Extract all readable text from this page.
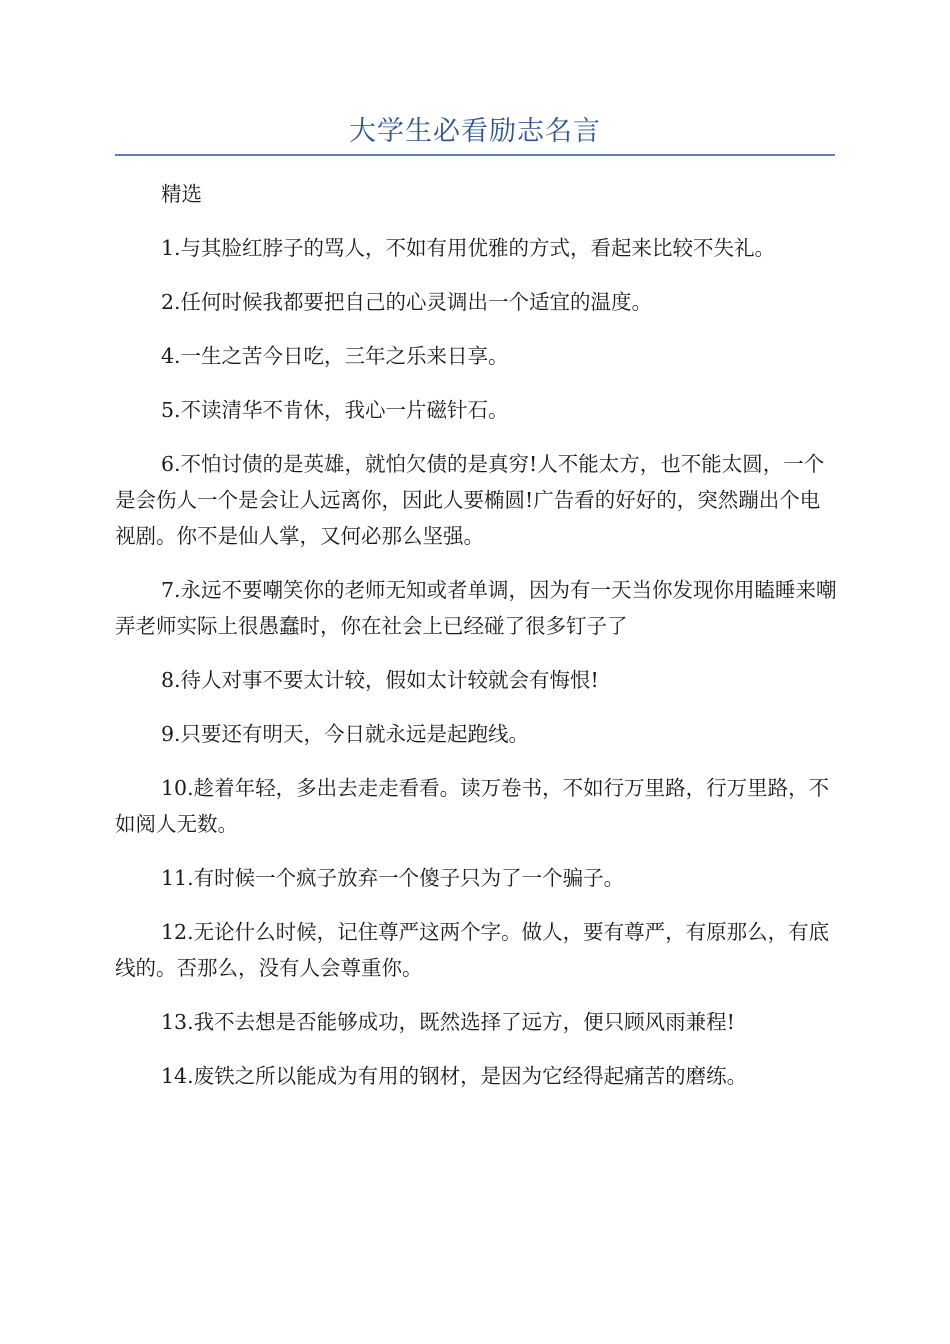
大学生必看励志名言

精选

1.与其脸红脖子的骂人，不如有用优雅的方式，看起来比较不失礼。

2.任何时候我都要把自己的心灵调出一个适宜的温度。

4.一生之苦今日吃，三年之乐来日享。

5.不读清华不肯休，我心一片磁针石。

6.不怕讨债的是英雄，就怕欠债的是真穷!人不能太方，也不能太圆，一个是会伤人一个是会让人远离你，因此人要椭圆!广告看的好好的，突然蹦出个电视剧。你不是仙人掌，又何必那么坚强。

7.永远不要嘲笑你的老师无知或者单调，因为有一天当你发现你用瞌睡来嘲弄老师实际上很愚蠢时，你在社会上已经碰了很多钉子了

8.待人对事不要太计较，假如太计较就会有悔恨!

9.只要还有明天，今日就永远是起跑线。

10.趁着年轻，多出去走走看看。读万卷书，不如行万里路，行万里路，不如阅人无数。

11.有时候一个疯子放弃一个傻子只为了一个骗子。

12.无论什么时候，记住尊严这两个字。做人，要有尊严，有原那么，有底线的。否那么，没有人会尊重你。

13.我不去想是否能够成功，既然选择了远方，便只顾风雨兼程!

14.废铁之所以能成为有用的钢材，是因为它经得起痛苦的磨练。
